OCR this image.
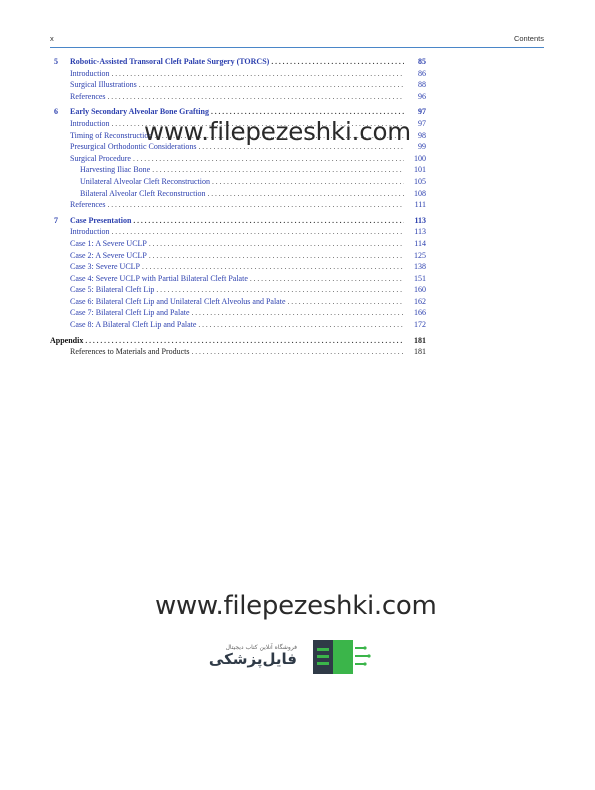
x	Contents
5 Robotic-Assisted Transoral Cleft Palate Surgery (TORCS) . . .	85
Introduction . . .	86
Surgical Illustrations . . .	88
References . . .	96
6 Early Secondary Alveolar Bone Grafting . . .	97
Introduction . . .	97
Timing of Reconstruction . . .	98
Presurgical Orthodontic Considerations . . .	99
Surgical Procedure . . .	100
Harvesting Iliac Bone . . .	101
Unilateral Alveolar Cleft Reconstruction . . .	105
Bilateral Alveolar Cleft Reconstruction . . .	108
References . . .	111
7 Case Presentation . . .	113
Introduction . . .	113
Case 1: A Severe UCLP . . .	114
Case 2: A Severe UCLP . . .	125
Case 3: Severe UCLP . . .	138
Case 4: Severe UCLP with Partial Bilateral Cleft Palate . . .	151
Case 5: Bilateral Cleft Lip . . .	160
Case 6: Bilateral Cleft Lip and Unilateral Cleft Alveolus and Palate . . .	162
Case 7: Bilateral Cleft Lip and Palate . . .	166
Case 8: A Bilateral Cleft Lip and Palate . . .	172
Appendix . . .	181
References to Materials and Products . . .	181
www.filepezeshki.com
www.filepezeshki.com
فروشگاه آنلاین کتاب دیجیتال
فایل‌پزشکی
